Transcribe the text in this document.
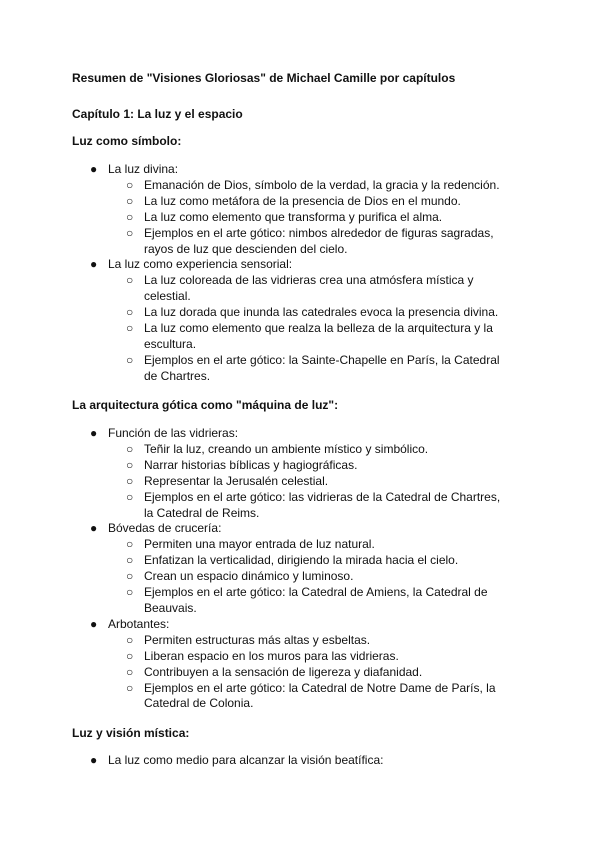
Resumen de "Visiones Gloriosas" de Michael Camille por capítulos
Capítulo 1: La luz y el espacio
Luz como símbolo:
● La luz divina:
○ Emanación de Dios, símbolo de la verdad, la gracia y la redención.
○ La luz como metáfora de la presencia de Dios en el mundo.
○ La luz como elemento que transforma y purifica el alma.
○ Ejemplos en el arte gótico: nimbos alrededor de figuras sagradas, rayos de luz que descienden del cielo.
● La luz como experiencia sensorial:
○ La luz coloreada de las vidrieras crea una atmósfera mística y celestial.
○ La luz dorada que inunda las catedrales evoca la presencia divina.
○ La luz como elemento que realza la belleza de la arquitectura y la escultura.
○ Ejemplos en el arte gótico: la Sainte-Chapelle en París, la Catedral de Chartres.
La arquitectura gótica como "máquina de luz":
● Función de las vidrieras:
○ Teñir la luz, creando un ambiente místico y simbólico.
○ Narrar historias bíblicas y hagiográficas.
○ Representar la Jerusalén celestial.
○ Ejemplos en el arte gótico: las vidrieras de la Catedral de Chartres, la Catedral de Reims.
● Bóvedas de crucería:
○ Permiten una mayor entrada de luz natural.
○ Enfatizan la verticalidad, dirigiendo la mirada hacia el cielo.
○ Crean un espacio dinámico y luminoso.
○ Ejemplos en el arte gótico: la Catedral de Amiens, la Catedral de Beauvais.
● Arbotantes:
○ Permiten estructuras más altas y esbeltas.
○ Liberan espacio en los muros para las vidrieras.
○ Contribuyen a la sensación de ligereza y diafanidad.
○ Ejemplos en el arte gótico: la Catedral de Notre Dame de París, la Catedral de Colonia.
Luz y visión mística:
● La luz como medio para alcanzar la visión beatífica:
